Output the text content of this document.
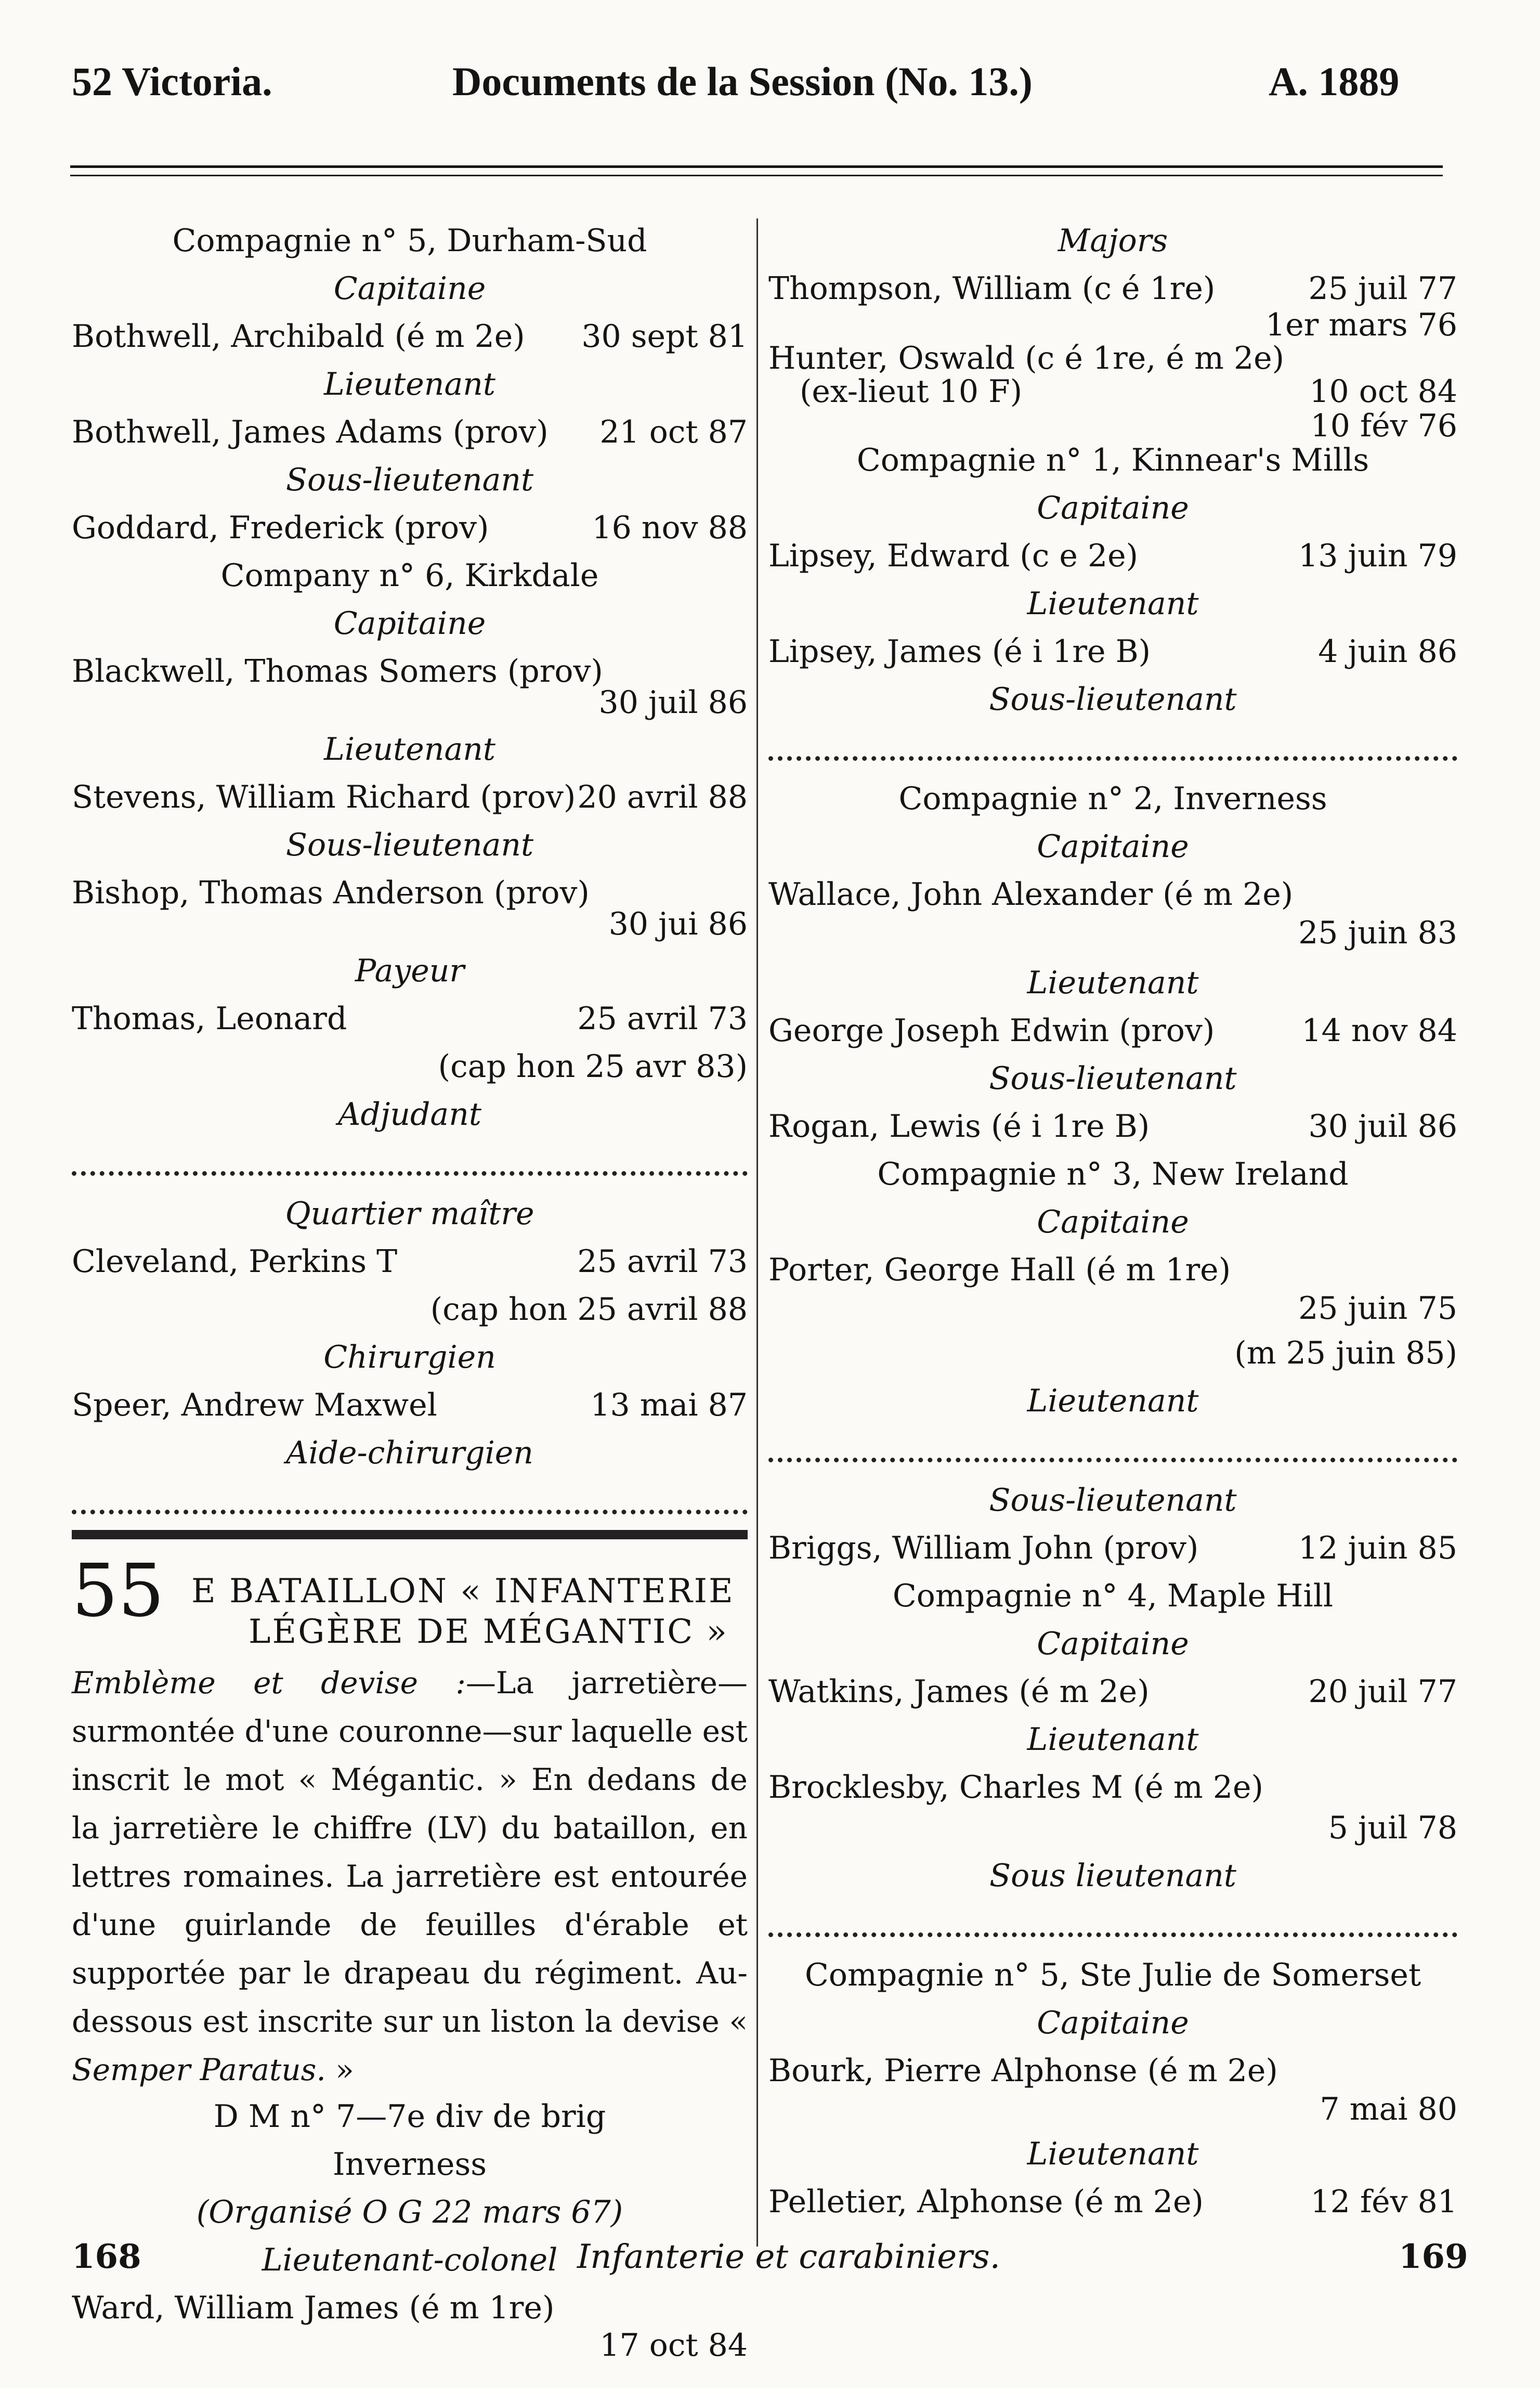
52 Victoria.	Documents de la Session (No. 13.)	A. 1889
Compagnie n° 5, Durham-Sud
Capitaine
Bothwell, Archibald (é m 2e) 30 sept 81
Lieutenant
Bothwell, James Adams (prov) 21 oct 87
Sous-lieutenant
Goddard, Frederick (prov)	16 nov 88
Company n° 6, Kirkdale
Capitaine
Blackwell, Thomas Somers (prov)
30 juil 86
Lieutenant
Stevens, William Richard (prov) 20 avril 88
Sous-lieutenant
Bishop, Thomas Anderson (prov)
30 jui 86
Payeur
Thomas, Leonard	25 avril 73
(cap hon 25 avr 83)
Adjudant
Quartier maître
Cleveland, Perkins T	25 avril 73
(cap hon 25 avril 88
Chirurgien
Speer, Andrew Maxwel	13 mai 87
Aide-chirurgien
55 E BATAILLON « INFANTERIE
LÉGÈRE DE MÉGANTIC »
Emblème et devise :—La jarretière—surmontée d'une couronne—sur laquelle est inscrit le mot « Mégantic. » En dedans de la jarretière le chiffre (LV) du bataillon, en lettres romaines. La jarretière est entourée d'une guirlande de feuilles d'érable et supportée par le drapeau du régiment. Au-dessous est inscrite sur un liston la devise « Semper Paratus. »
D M n° 7—7e div de brig
Inverness
(Organisé O G 22 mars 67)
Lieutenant-colonel
Ward, William James (é m 1re)
17 oct 84
Majors
Thompson, William (c é 1re)	25 juil 77
1er mars 76
Hunter, Oswald (c é 1re, é m 2e)
(ex-lieut 10 F)	10 oct 84
10 fév 76
Compagnie n° 1, Kinnear's Mills
Capitaine
Lipsey, Edward (c e 2e)	13 juin 79
Lieutenant
Lipsey, James (é i 1re B)	4 juin 86
Sous-lieutenant
Compagnie n° 2, Inverness
Capitaine
Wallace, John Alexander (é m 2e)
25 juin 83
Lieutenant
George Joseph Edwin (prov)	14 nov 84
Sous-lieutenant
Rogan, Lewis (é i 1re B)	30 juil 86
Compagnie n° 3, New Ireland
Capitaine
Porter, George Hall (é m 1re)
25 juin 75
(m 25 juin 85)
Lieutenant
Sous-lieutenant
Briggs, William John (prov)	12 juin 85
Compagnie n° 4, Maple Hill
Capitaine
Watkins, James (é m 2e)	20 juil 77
Lieutenant
Brocklesby, Charles M (é m 2e)
5 juil 78
Sous lieutenant
Compagnie n° 5, Ste Julie de Somerset
Capitaine
Bourk, Pierre Alphonse (é m 2e)
7 mai 80
Lieutenant
Pelletier, Alphonse (é m 2e)	12 fév 81
168	Infanterie et carabiniers.	169
